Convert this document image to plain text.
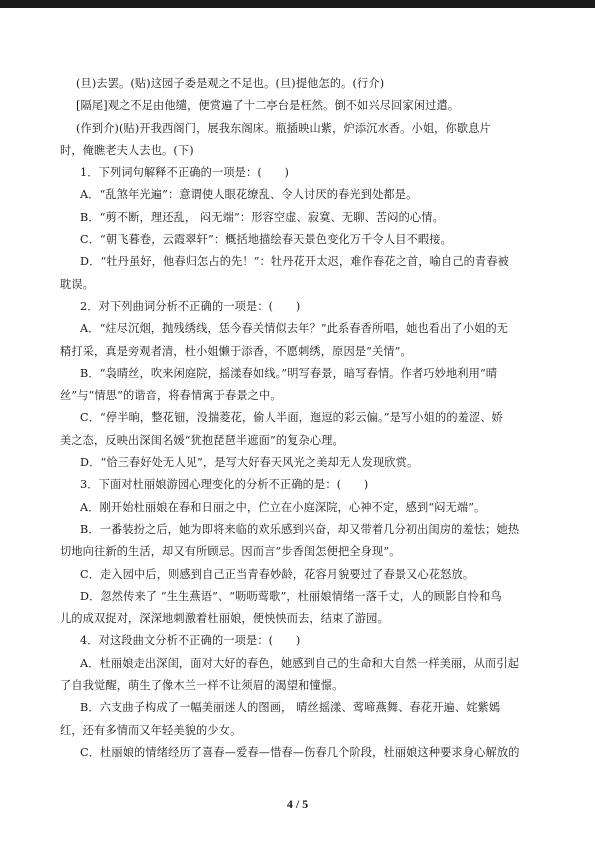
(旦)去罢。(贴)这园子委是观之不足也。(旦)提他怎的。(行介)
[隔尾]观之不足由他缱，便赏遍了十二亭台是枉然。倒不如兴尽回家闲过遣。
(作到介)(贴)开我西阁门，展我东阁床。瓶插映山紫，炉添沉水香。小姐，你歇息片
时，俺瞧老夫人去也。(下)
1．下列词句解释不正确的一项是：(　　)
A．“乱煞年光遍”：意谓使人眼花缭乱、令人讨厌的春光到处都是。
B．“剪不断，理还乱， 闷无端”：形容空虚、寂寞、无聊、苦闷的心情。
C．“朝飞暮卷，云霞翠轩”：概括地描绘春天景色变化万千令人目不暇接。
D．“牡丹虽好，他春归怎占的先！”：牡丹花开太迟，难作春花之首，喻自己的青春被
耽误。
2．对下列曲词分析不正确的一项是：(　　)
A．“炷尽沉烟，抛残绣线，恁今春关情似去年？”此系春香所唱，她也看出了小姐的无
精打采，真是旁观者清，杜小姐懒于添香，不愿刺绣，原因是“关情”。
B．“袅晴丝，吹来闲庭院，摇漾春如线。”明写春景，暗写春情。作者巧妙地利用“晴
丝”与“情思”的谐音，将春情寓于春景之中。
C．“停半晌，整花钿，没揣菱花，偷人半面，迤逗的彩云偏。”是写小姐的的羞涩、娇
美之态，反映出深闺名媛“犹抱琵琶半遮面”的复杂心理。
D．“恰三春好处无人见”，是写大好春天风光之美却无人发现欣赏。
3．下面对杜丽娘游园心理变化的分析不正确的是：(　　)
A．刚开始杜丽娘在春和日丽之中，伫立在小庭深院，心神不定，感到“闷无端”。
B．一番装扮之后，她为即将来临的欢乐感到兴奋，却又带着几分初出闺房的羞怯；她热
切地向往新的生活，却又有所顾忌。因而言“步香闺怎便把全身现”。
C．走入园中后，则感到自己正当青春妙龄，花容月貌要过了春景又心花怒放。
D．忽然传来了 “生生燕语”、“呖呖莺歌”，杜丽娘情绪一落千丈，人的顾影自怜和鸟
儿的成双捉对，深深地刺激着杜丽娘，便怏怏而去，结束了游园。
4．对这段曲文分析不正确的一项是：(　　)
A．杜丽娘走出深闺，面对大好的春色，她感到自己的生命和大自然一样美丽，从而引起
了自我觉醒，萌生了像木兰一样不让须眉的渴望和憧憬。
B．六支曲子构成了一幅美丽迷人的图画， 晴丝摇漾、莺啼燕舞、春花开遍、姹紫嫣
红，还有多情而又年轻美貌的少女。
C．杜丽娘的情绪经历了喜春—爱春—惜春—伤春几个阶段，杜丽娘这种要求身心解放的
4 / 5
